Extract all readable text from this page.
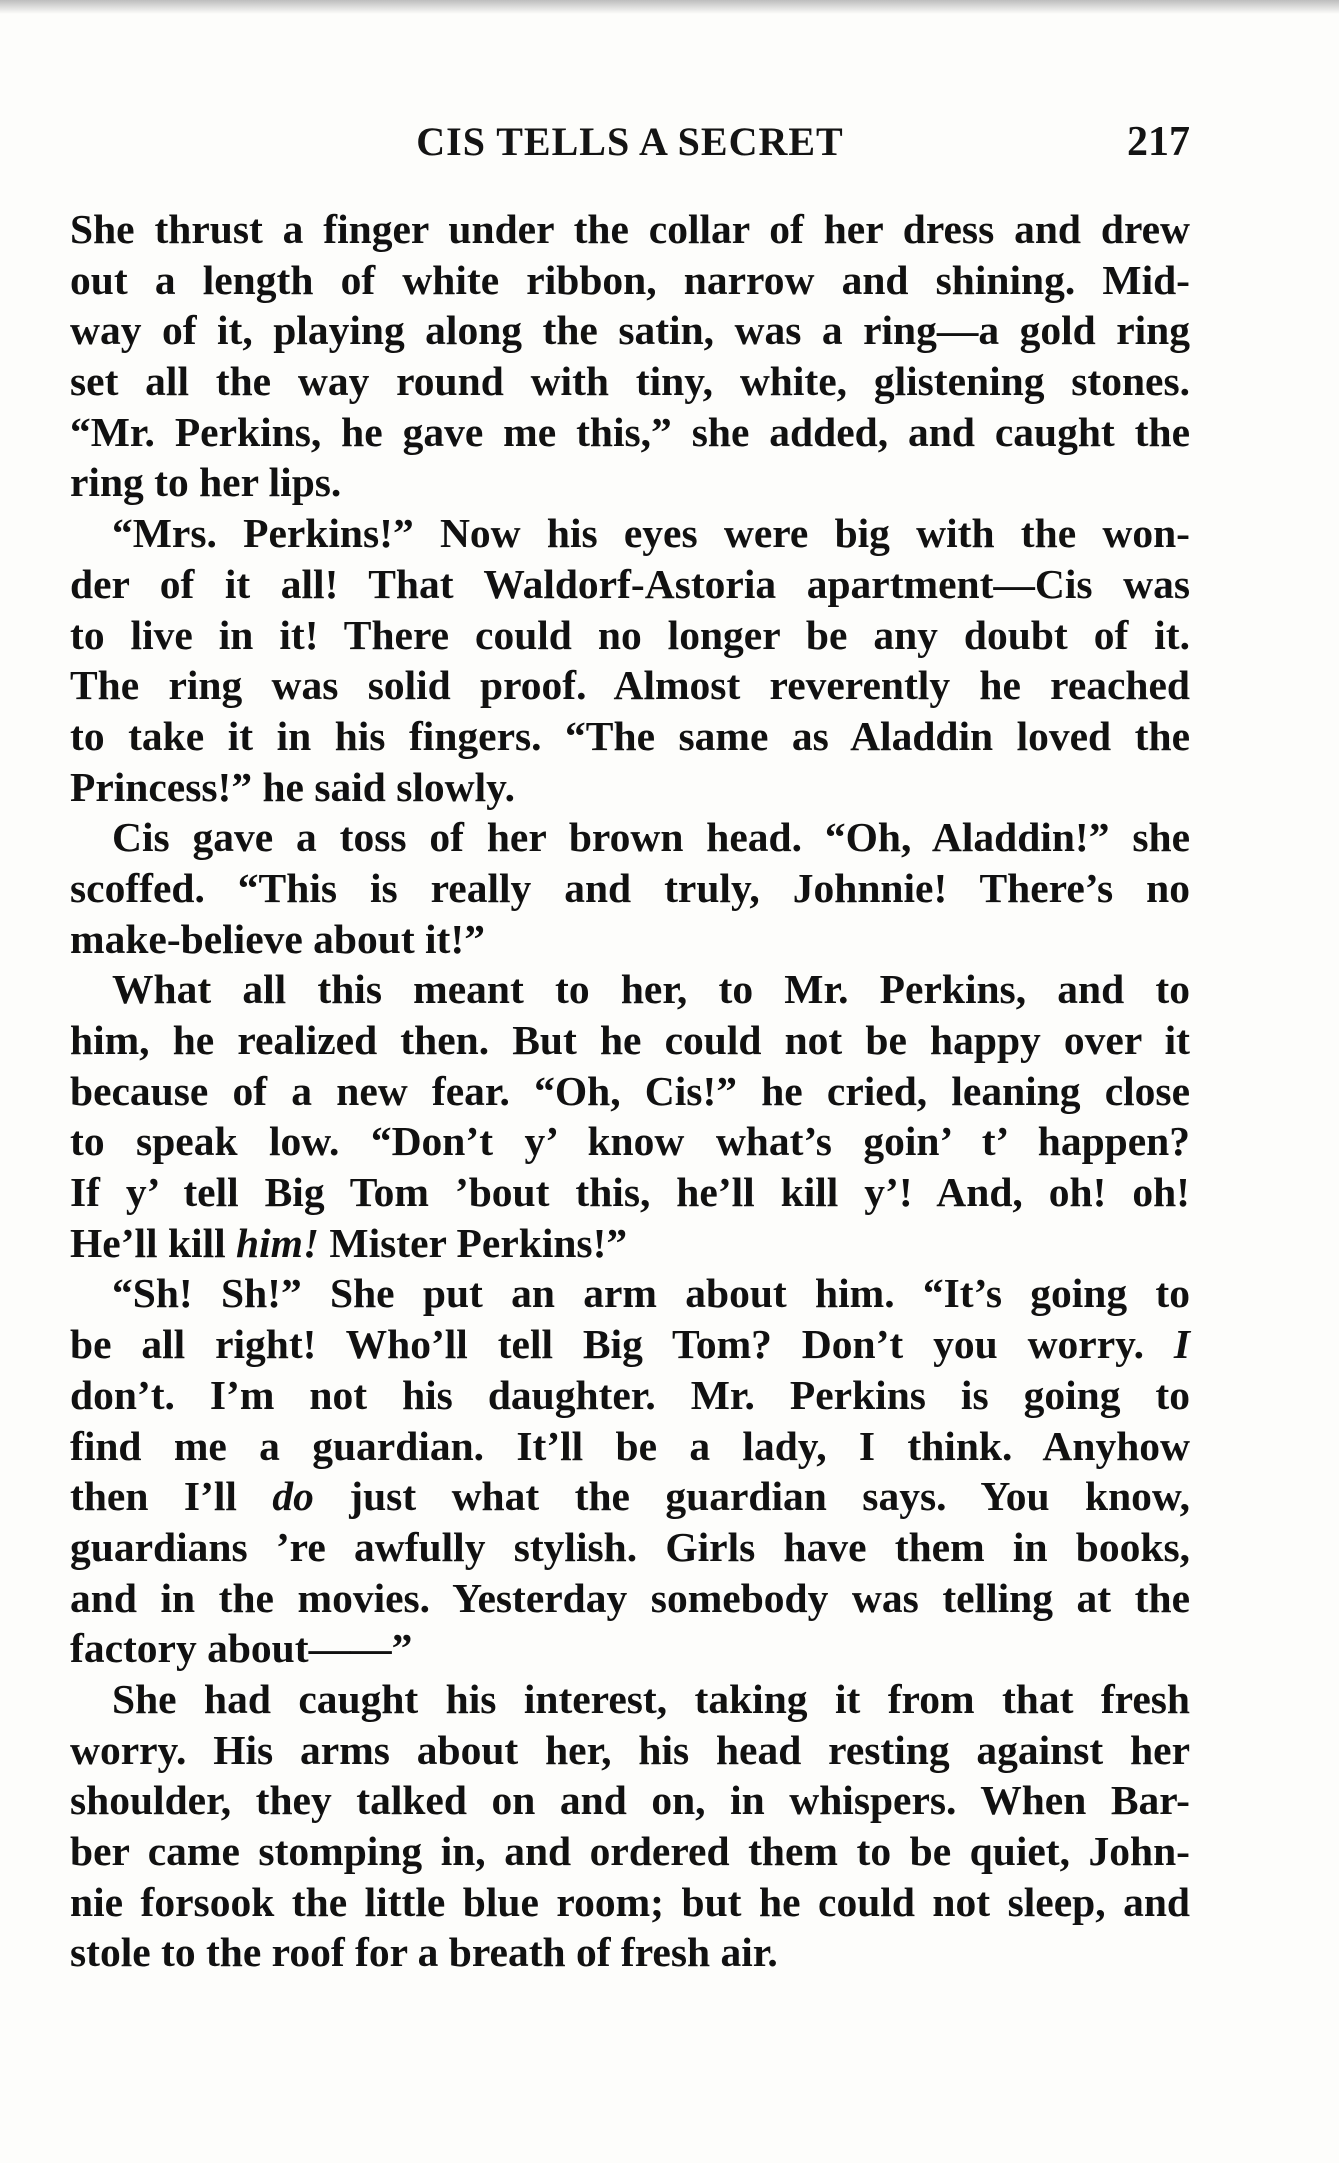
CIS TELLS A SECRET	217
She thrust a finger under the collar of her dress and drew
out a length of white ribbon, narrow and shining. Mid-
way of it, playing along the satin, was a ring—a gold ring
set all the way round with tiny, white, glistening stones.
“Mr. Perkins, he gave me this,” she added, and caught the
ring to her lips.
“Mrs. Perkins!” Now his eyes were big with the won-
der of it all! That Waldorf-Astoria apartment—Cis was
to live in it! There could no longer be any doubt of it.
The ring was solid proof. Almost reverently he reached
to take it in his fingers. “The same as Aladdin loved the
Princess!” he said slowly.
Cis gave a toss of her brown head. “Oh, Aladdin!” she
scoffed. “This is really and truly, Johnnie! There’s no
make-believe about it!”
What all this meant to her, to Mr. Perkins, and to
him, he realized then. But he could not be happy over it
because of a new fear. “Oh, Cis!” he cried, leaning close
to speak low. “Don’t y’ know what’s goin’ t’ happen?
If y’ tell Big Tom ’bout this, he’ll kill y’! And, oh! oh!
He’ll kill him! Mister Perkins!”
“Sh! Sh!” She put an arm about him. “It’s going to
be all right! Who’ll tell Big Tom? Don’t you worry. I
don’t. I’m not his daughter. Mr. Perkins is going to
find me a guardian. It’ll be a lady, I think. Anyhow
then I’ll do just what the guardian says. You know,
guardians ’re awfully stylish. Girls have them in books,
and in the movies. Yesterday somebody was telling at the
factory about——”
She had caught his interest, taking it from that fresh
worry. His arms about her, his head resting against her
shoulder, they talked on and on, in whispers. When Bar-
ber came stomping in, and ordered them to be quiet, John-
nie forsook the little blue room; but he could not sleep, and
stole to the roof for a breath of fresh air.
